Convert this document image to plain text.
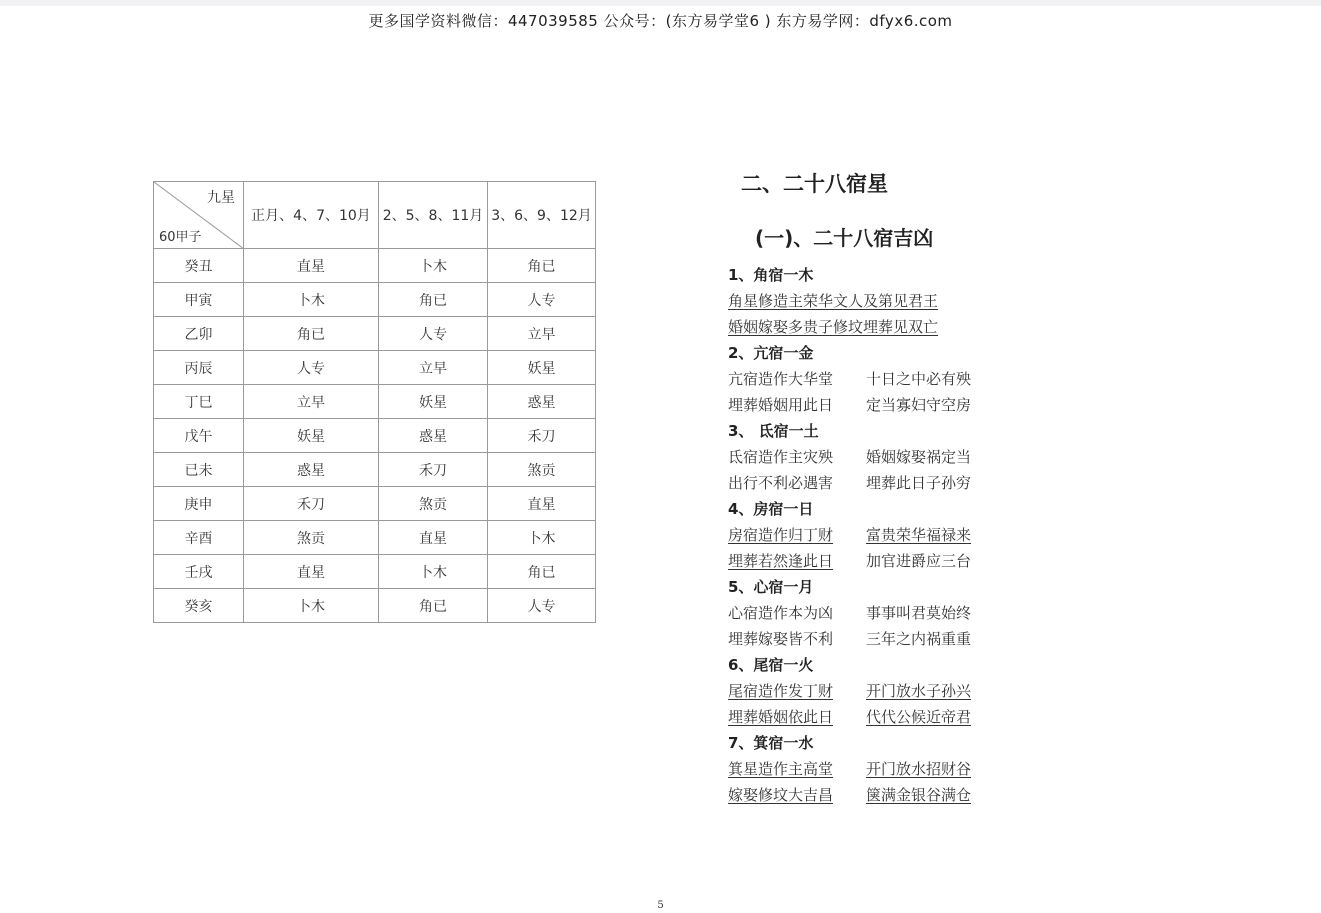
更多国学资料微信：447039585 公众号：(东方易学堂6 ) 东方易学网：dfyx6.com
九星
60甲子	正月、4、7、10月	2、5、8、11月	3、6、9、12月
癸丑	直星	卜木	角已
甲寅	卜木	角已	人专
乙卯	角已	人专	立早
丙辰	人专	立早	妖星
丁巳	立早	妖星	惑星
戊午	妖星	惑星	禾刀
已未	惑星	禾刀	煞贡
庚申	禾刀	煞贡	直星
辛酉	煞贡	直星	卜木
壬戌	直星	卜木	角已
癸亥	卜木	角已	人专
二、二十八宿星
(一)、二十八宿吉凶
1、角宿一木
角星修造主荣华文人及第见君王
婚姻嫁娶多贵子修坟埋葬见双亡
2、亢宿一金
亢宿造作大华堂 十日之中必有殃
埋葬婚姻用此日 定当寡妇守空房
3、 氐宿一土
氐宿造作主灾殃 婚姻嫁娶祸定当
出行不利必遇害 埋葬此日子孙穷
4、房宿一日
房宿造作归丁财 富贵荣华福禄来
埋葬若然逢此日 加官进爵应三台
5、心宿一月
心宿造作本为凶 事事叫君莫始终
埋葬嫁娶皆不利 三年之内祸重重
6、尾宿一火
尾宿造作发丁财 开门放水子孙兴
埋葬婚姻依此日 代代公候近帝君
7、箕宿一水
箕星造作主高堂 开门放水招财谷
嫁娶修坟大吉昌 箧满金银谷满仓
5
